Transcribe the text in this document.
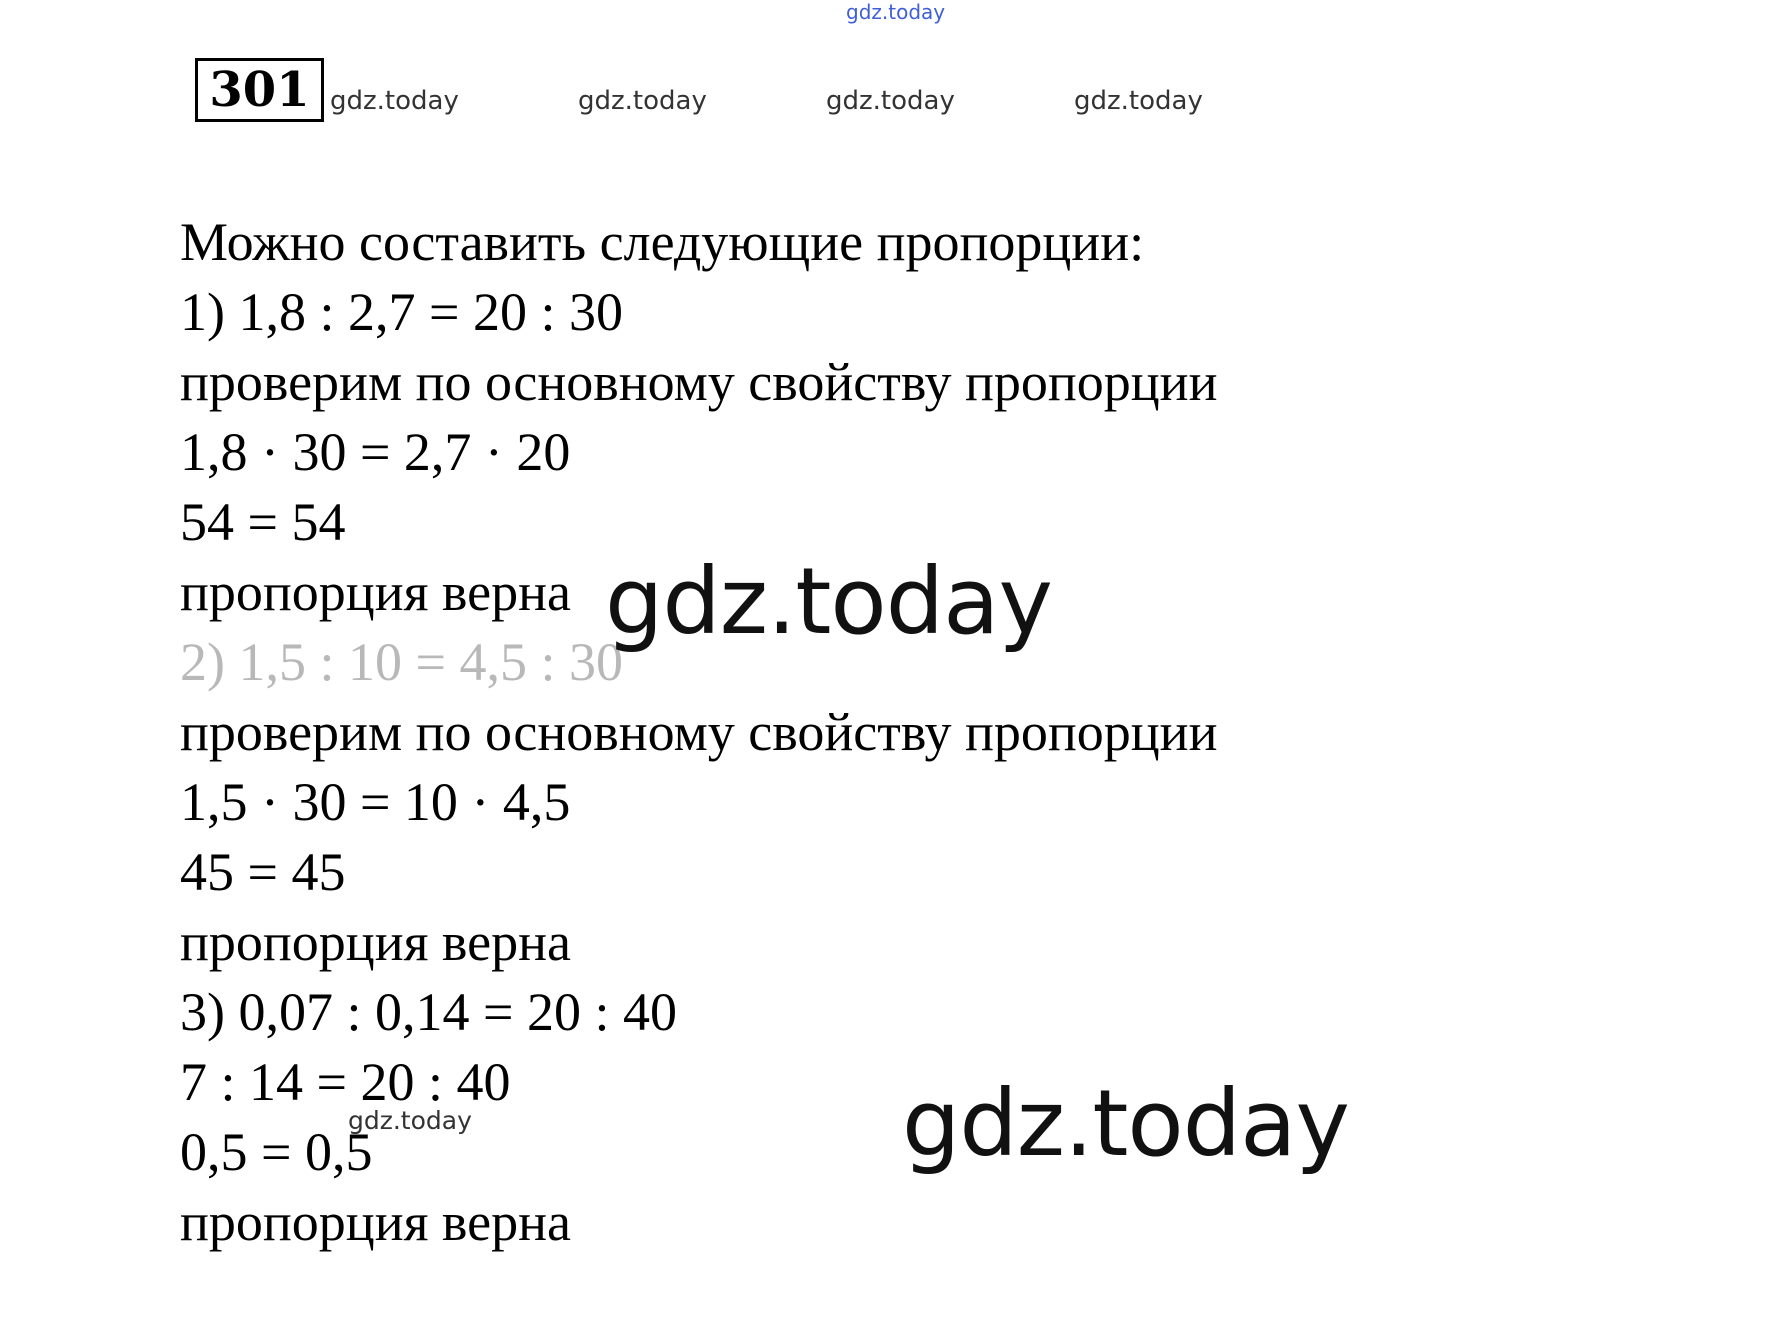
gdz.today
301 gdz.today	gdz.today	gdz.today	gdz.today
Можно составить следующие пропорции:
1) 1,8 : 2,7 = 20 : 30
проверим по основному свойству пропорции
1,8 · 30 = 2,7 · 20
54 = 54
пропорция верна
2) 1,5 : 10 = 4,5 : 30
проверим по основному свойству пропорции
1,5 · 30 = 10 · 4,5
45 = 45
пропорция верна
3) 0,07 : 0,14 = 20 : 40
7 : 14 = 20 : 40
0,5 = 0,5
пропорция верна
gdz.today
gdz.today	gdz.today
